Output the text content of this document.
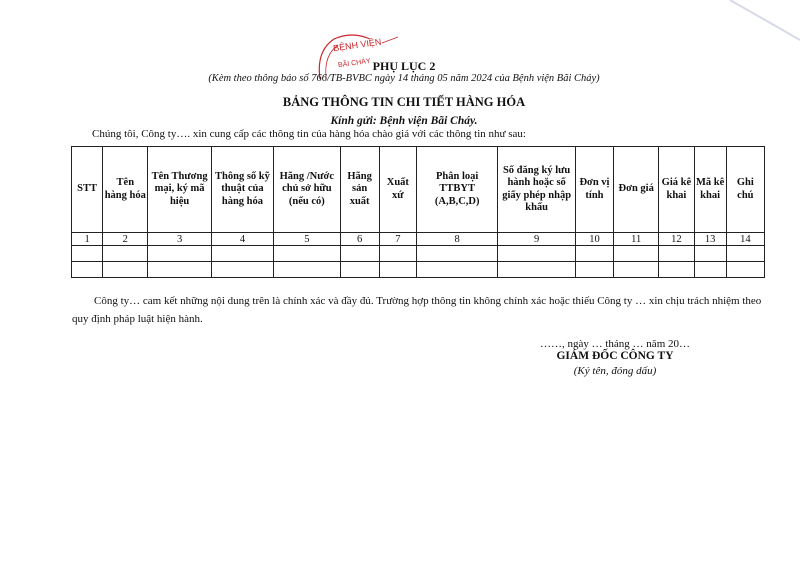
BỆNH VIỆN
BÃI CHÁY PHỤ LỤC 2
(Kèm theo thông báo số 766/TB-BVBC ngày 14 tháng 05 năm 2024 của Bệnh viện Bãi Cháy)
BẢNG THÔNG TIN CHI TIẾT HÀNG HÓA
Kính gửi: Bệnh viện Bãi Cháy.
Chúng tôi, Công ty…. xin cung cấp các thông tin của hàng hóa chào giá với các thông tin như sau:
STT	Tên hàng hóa	Tên Thương mại, ký mã hiệu	Thông số kỹ thuật của hàng hóa	Hãng /Nước chủ sở hữu (nếu có)	Hãng sản xuất	Xuất xứ	Phân loại TTBYT (A,B,C,D)	Số đăng ký lưu hành hoặc số giấy phép nhập khẩu	Đơn vị tính	Đơn giá	Giá kê khai	Mã kê khai	Ghi chú
1	2	3	4	5	6	7	8	9	10	11	12	13	14

Công ty… cam kết những nội dung trên là chính xác và đầy đủ. Trường hợp thông tin không chính xác hoặc thiếu Công ty … xin chịu trách nhiệm theo quy định pháp luật hiện hành.
……, ngày … tháng … năm 20…
GIÁM ĐỐC CÔNG TY
(Ký tên, đóng dấu)
